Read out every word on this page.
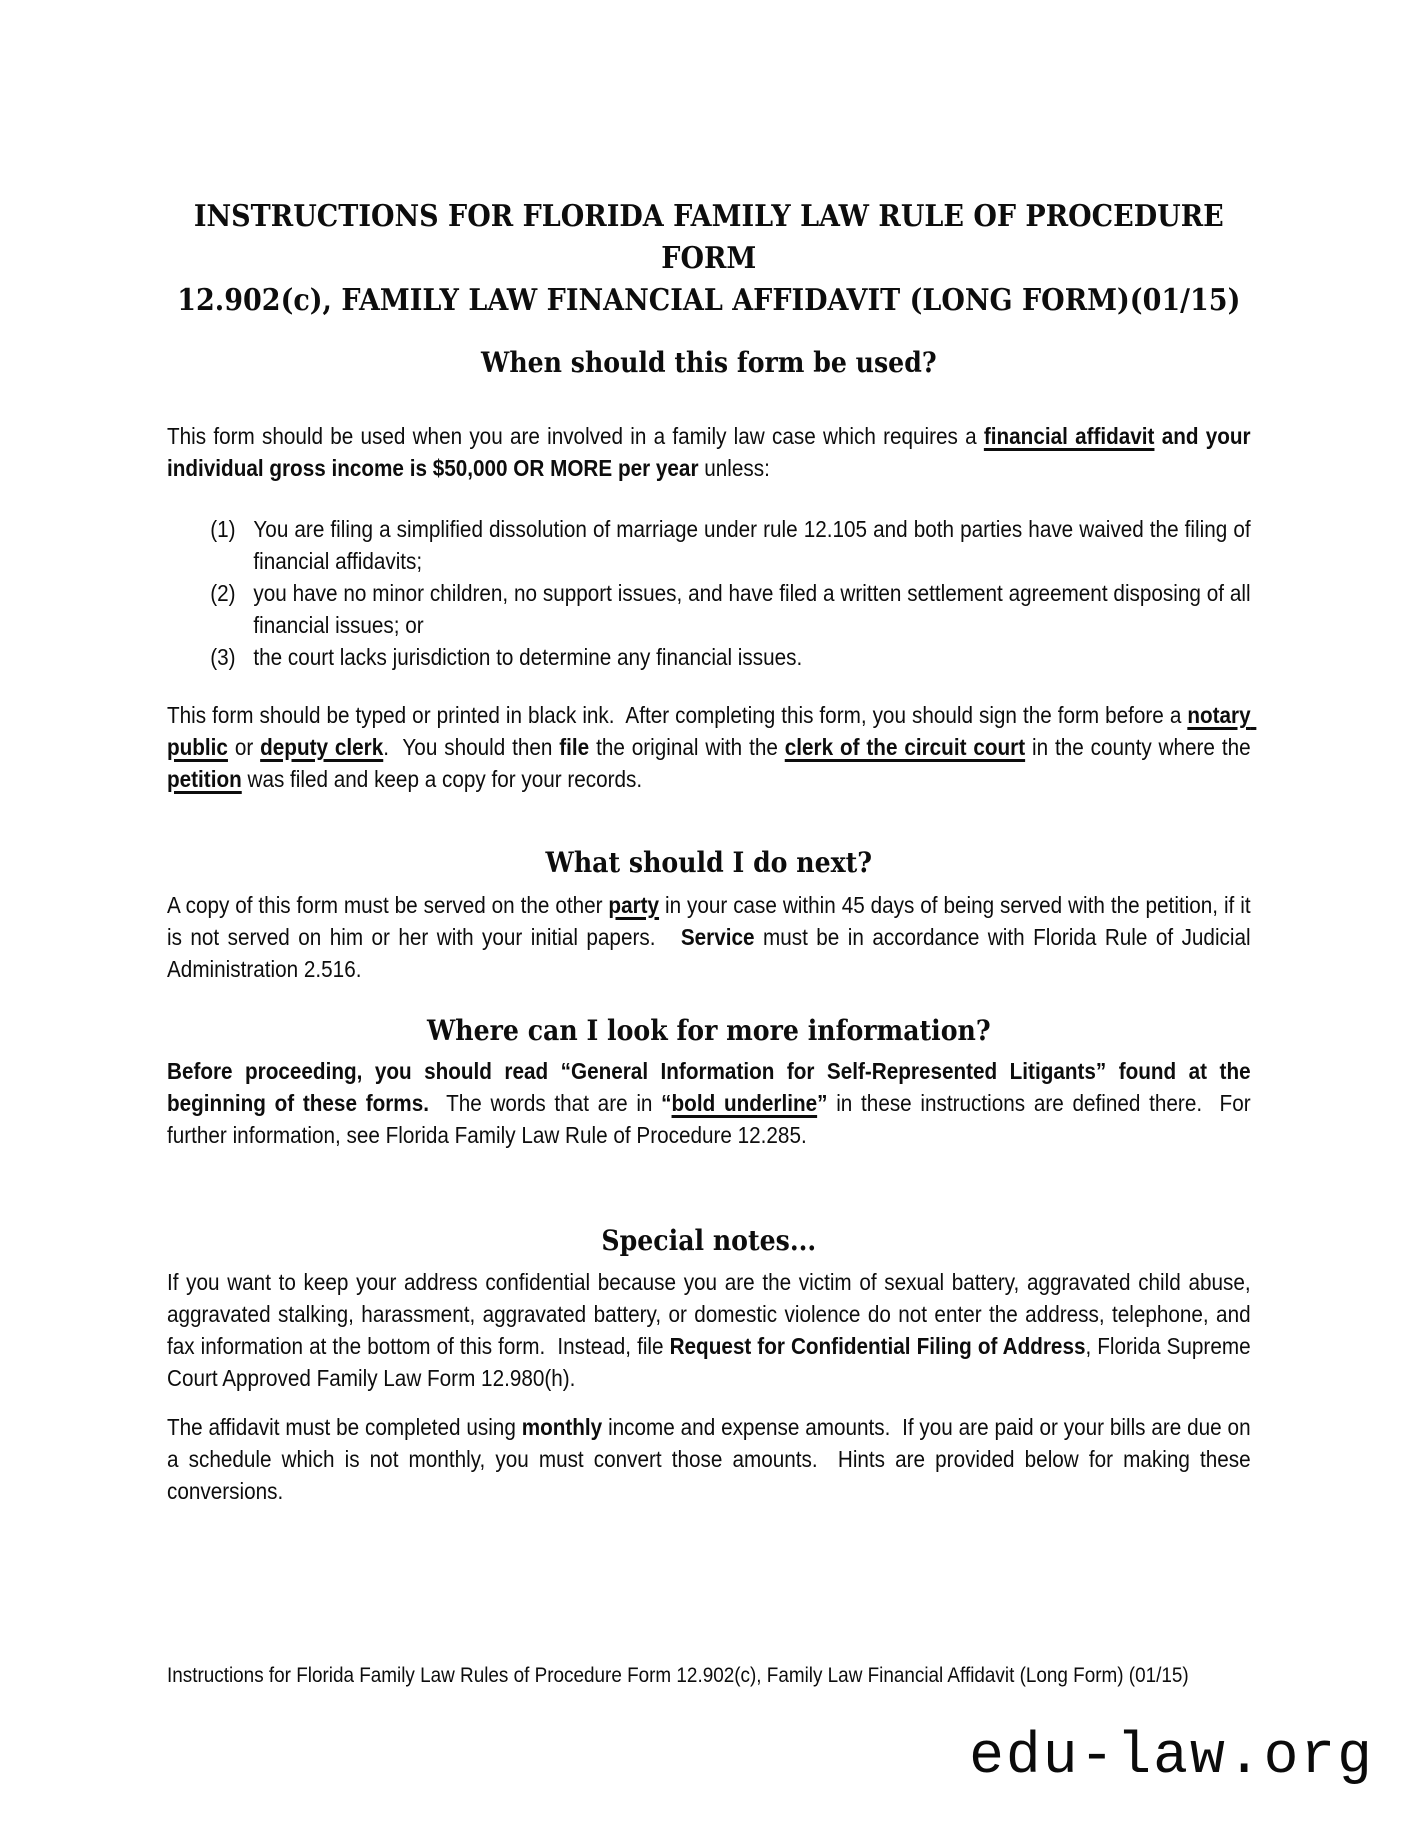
INSTRUCTIONS FOR FLORIDA FAMILY LAW RULE OF PROCEDURE FORM
12.902(c), FAMILY LAW FINANCIAL AFFIDAVIT (LONG FORM)(01/15)
When should this form be used?
This form should be used when you are involved in a family law case which requires a financial affidavit and your individual gross income is $50,000 OR MORE per year unless:
(1) You are filing a simplified dissolution of marriage under rule 12.105 and both parties have waived the filing of financial affidavits;
(2) you have no minor children, no support issues, and have filed a written settlement agreement disposing of all financial issues; or
(3) the court lacks jurisdiction to determine any financial issues.
This form should be typed or printed in black ink.  After completing this form, you should sign the form before a notary public or deputy clerk.  You should then file the original with the clerk of the circuit court in the county where the petition was filed and keep a copy for your records.
What should I do next?
A copy of this form must be served on the other party in your case within 45 days of being served with the petition, if it is not served on him or her with your initial papers.   Service must be in accordance with Florida Rule of Judicial Administration 2.516.
Where can I look for more information?
Before proceeding, you should read “General Information for Self-Represented Litigants” found at the beginning of these forms.  The words that are in “bold underline” in these instructions are defined there.  For further information, see Florida Family Law Rule of Procedure 12.285.
Special notes...
If you want to keep your address confidential because you are the victim of sexual battery, aggravated child abuse, aggravated stalking, harassment, aggravated battery, or domestic violence do not enter the address, telephone, and fax information at the bottom of this form.  Instead, file Request for Confidential Filing of Address, Florida Supreme Court Approved Family Law Form 12.980(h).
The affidavit must be completed using monthly income and expense amounts.  If you are paid or your bills are due on a schedule which is not monthly, you must convert those amounts.  Hints are provided below for making these conversions.
Instructions for Florida Family Law Rules of Procedure Form 12.902(c), Family Law Financial Affidavit (Long Form) (01/15)
edu-law.org
